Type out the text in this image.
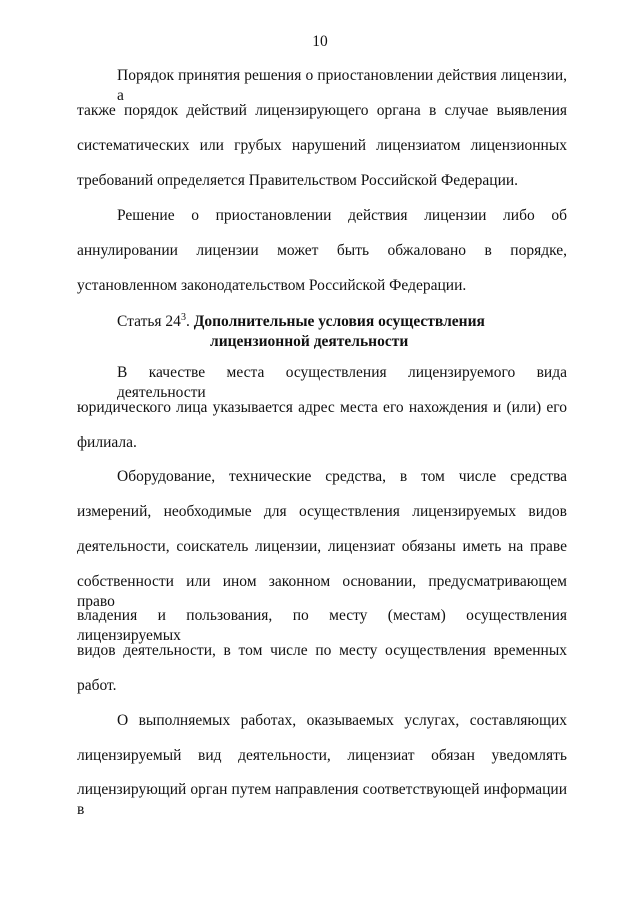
10
Порядок принятия решения о приостановлении действия лицензии, а
также порядок действий лицензирующего органа в случае выявления
систематических или грубых нарушений лицензиатом лицензионных
требований определяется Правительством Российской Федерации.
Решение о приостановлении действия лицензии либо об
аннулировании лицензии может быть обжаловано в порядке,
установленном законодательством Российской Федерации.
Статья $24^3$. Дополнительные условия осуществления
лицензионной деятельности
В качестве места осуществления лицензируемого вида деятельности
юридического лица указывается адрес места его нахождения и (или) его
филиала.
Оборудование, технические средства, в том числе средства
измерений, необходимые для осуществления лицензируемых видов
деятельности, соискатель лицензии, лицензиат обязаны иметь на праве
собственности или ином законном основании, предусматривающем право
владения и пользования, по месту (местам) осуществления лицензируемых
видов деятельности, в том числе по месту осуществления временных
работ.
О выполняемых работах, оказываемых услугах, составляющих
лицензируемый вид деятельности, лицензиат обязан уведомлять
лицензирующий орган путем направления соответствующей информации в
